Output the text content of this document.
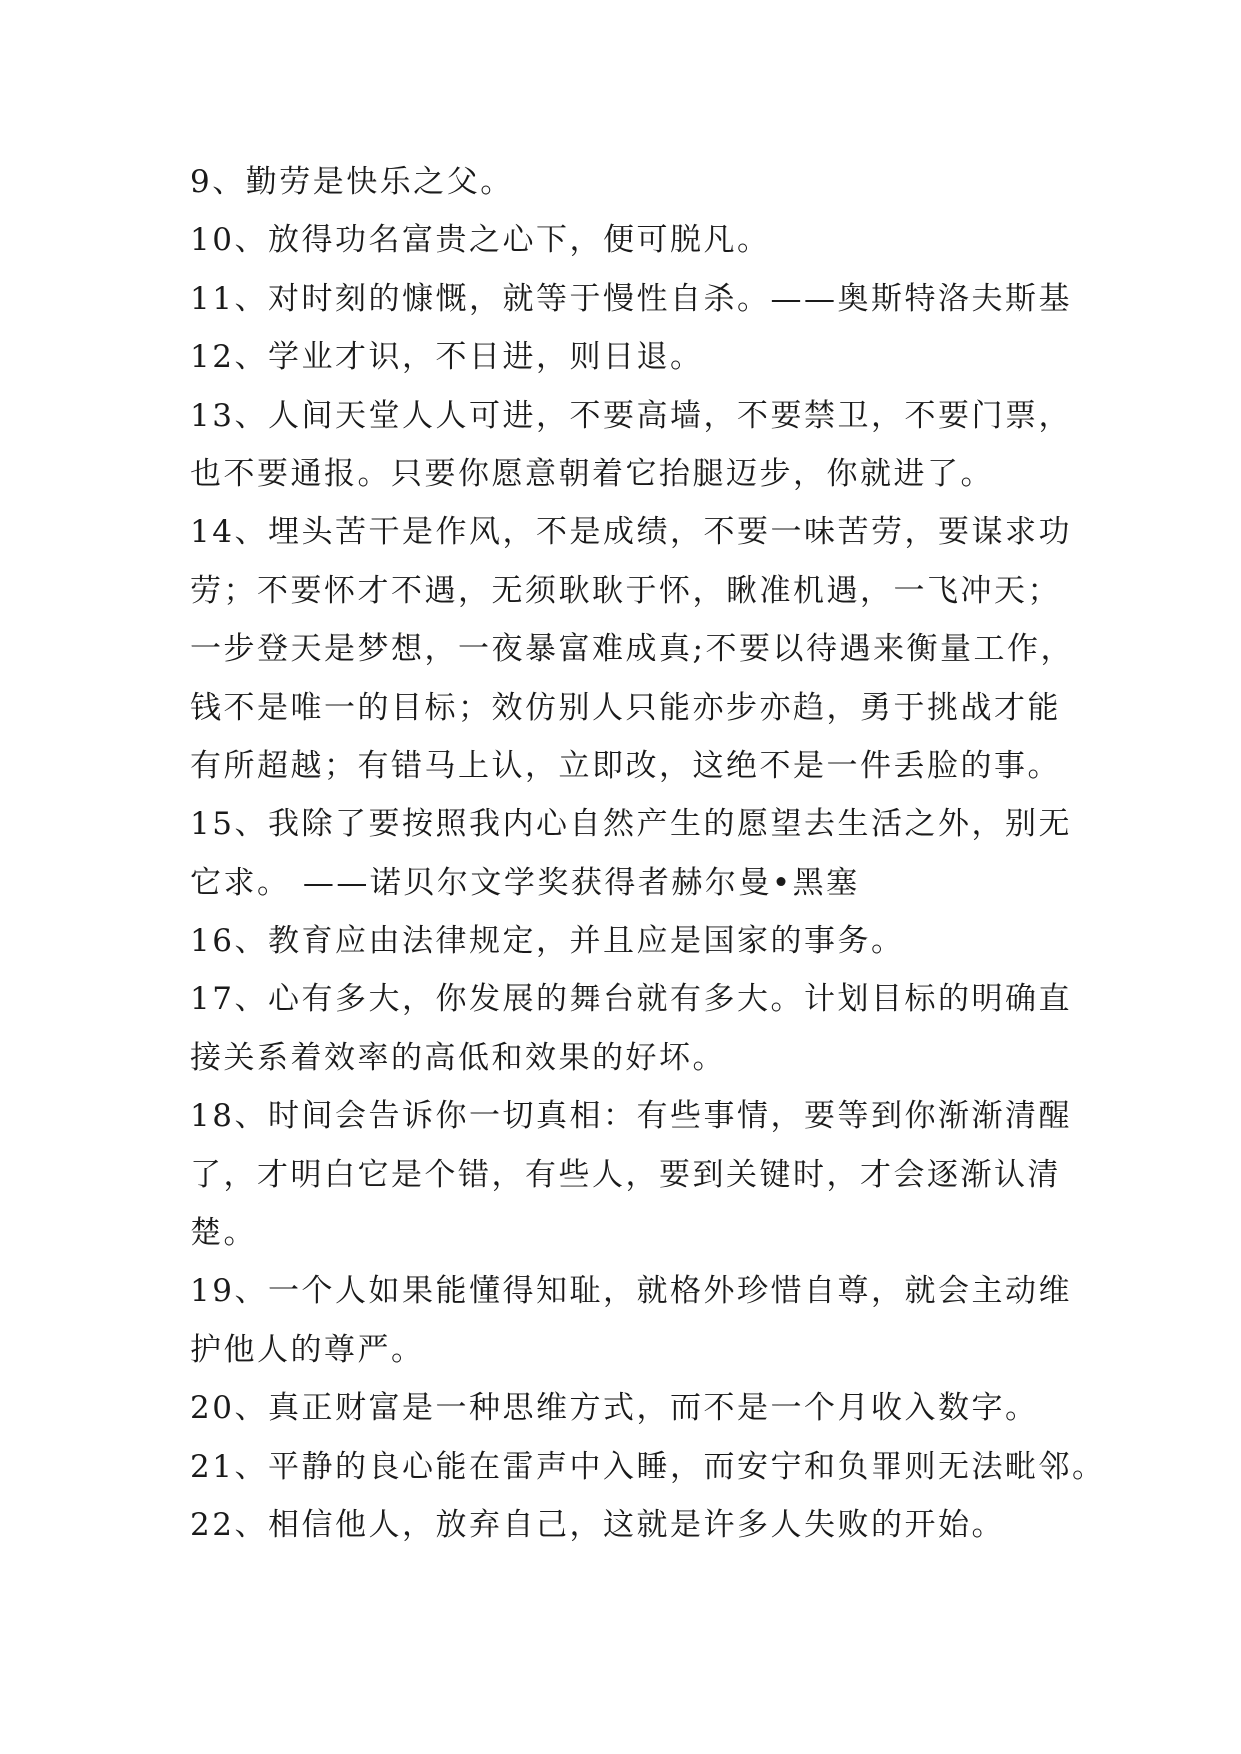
9、勤劳是快乐之父。
10、放得功名富贵之心下，便可脱凡。
11、对时刻的慷慨，就等于慢性自杀。——奥斯特洛夫斯基
12、学业才识，不日进，则日退。
13、人间天堂人人可进，不要高墙，不要禁卫，不要门票，
也不要通报。只要你愿意朝着它抬腿迈步，你就进了。
14、埋头苦干是作风，不是成绩，不要一味苦劳，要谋求功
劳；不要怀才不遇，无须耿耿于怀，瞅准机遇，一飞冲天；
一步登天是梦想，一夜暴富难成真;不要以待遇来衡量工作，
钱不是唯一的目标；效仿别人只能亦步亦趋，勇于挑战才能
有所超越；有错马上认，立即改，这绝不是一件丢脸的事。
15、我除了要按照我内心自然产生的愿望去生活之外，别无
它求。 ——诺贝尔文学奖获得者赫尔曼•黑塞
16、教育应由法律规定，并且应是国家的事务。
17、心有多大，你发展的舞台就有多大。计划目标的明确直
接关系着效率的高低和效果的好坏。
18、时间会告诉你一切真相：有些事情，要等到你渐渐清醒
了，才明白它是个错，有些人，要到关键时，才会逐渐认清
楚。
19、一个人如果能懂得知耻，就格外珍惜自尊，就会主动维
护他人的尊严。
20、真正财富是一种思维方式，而不是一个月收入数字。
21、平静的良心能在雷声中入睡，而安宁和负罪则无法毗邻。
22、相信他人，放弃自己，这就是许多人失败的开始。
